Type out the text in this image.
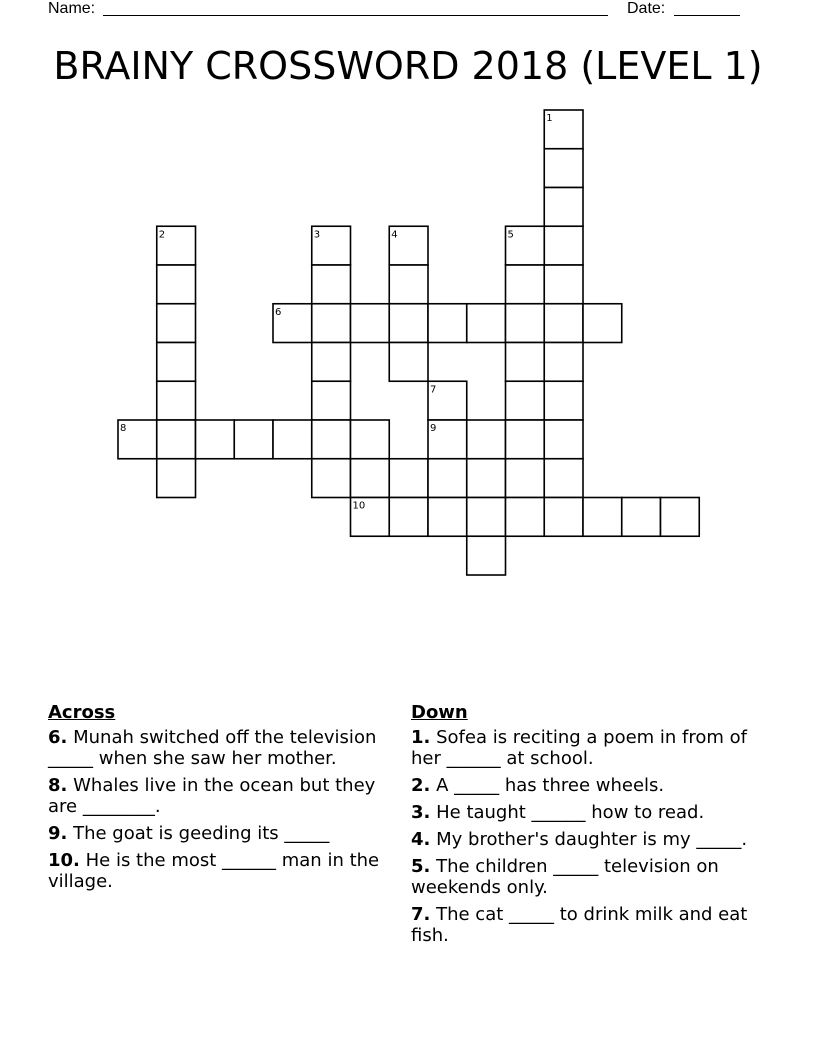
Name:	Date:
BRAINY CROSSWORD 2018 (LEVEL 1)
1
2	3	4	5
6
7
8	9
10
Across
6. Munah switched off the television _____ when she saw her mother.
8. Whales live in the ocean but they are ________.
9. The goat is geeding its _____
10. He is the most ______ man in the village.
Down
1. Sofea is reciting a poem in from of her ______ at school.
2. A _____ has three wheels.
3. He taught ______ how to read.
4. My brother's daughter is my _____.
5. The children _____ television on weekends only.
7. The cat _____ to drink milk and eat fish.
